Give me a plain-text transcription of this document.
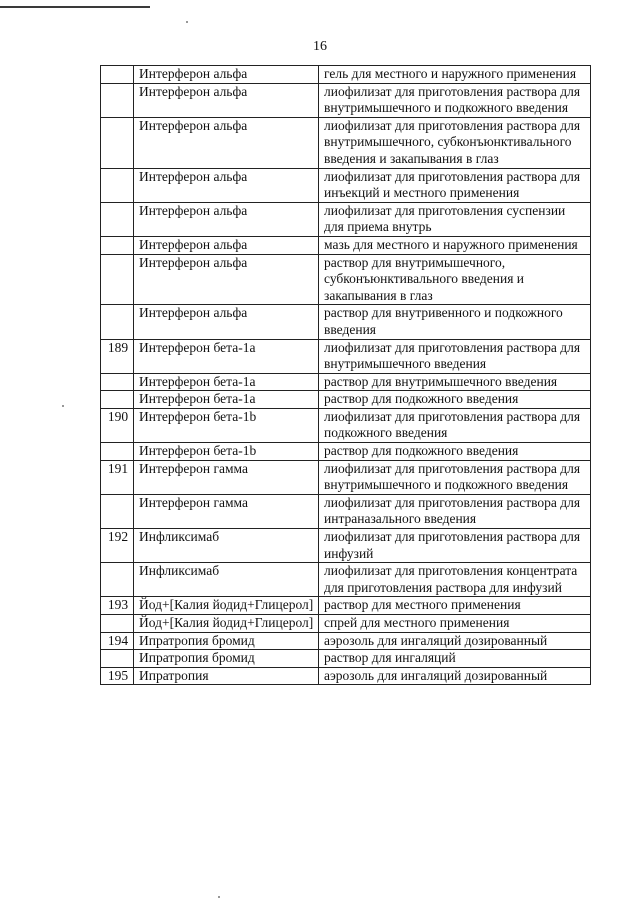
16
	Интерферон альфа	гель для местного и наружного применения
	Интерферон альфа	лиофилизат для приготовления раствора для внутримышечного и подкожного введения
	Интерферон альфа	лиофилизат для приготовления раствора для внутримышечного, субконъюнктивального введения и закапывания в глаз
	Интерферон альфа	лиофилизат для приготовления раствора для инъекций и местного применения
	Интерферон альфа	лиофилизат для приготовления суспензии для приема внутрь
	Интерферон альфа	мазь для местного и наружного применения
	Интерферон альфа	раствор для внутримышечного, субконъюнктивального введения и закапывания в глаз
	Интерферон альфа	раствор для внутривенного и подкожного введения
189	Интерферон бета-1а	лиофилизат для приготовления раствора для внутримышечного введения
	Интерферон бета-1а	раствор для внутримышечного введения
	Интерферон бета-1а	раствор для подкожного введения
190	Интерферон бета-1b	лиофилизат для приготовления раствора для подкожного введения
	Интерферон бета-1b	раствор для подкожного введения
191	Интерферон гамма	лиофилизат для приготовления раствора для внутримышечного и подкожного введения
	Интерферон гамма	лиофилизат для приготовления раствора для интраназального введения
192	Инфликсимаб	лиофилизат для приготовления раствора для инфузий
	Инфликсимаб	лиофилизат для приготовления концентрата для приготовления раствора для инфузий
193	Йод+[Калия йодид+Глицерол]	раствор для местного применения
	Йод+[Калия йодид+Глицерол]	спрей для местного применения
194	Ипратропия бромид	аэрозоль для ингаляций дозированный
	Ипратропия бромид	раствор для ингаляций
195	Ипратропия	аэрозоль для ингаляций дозированный
